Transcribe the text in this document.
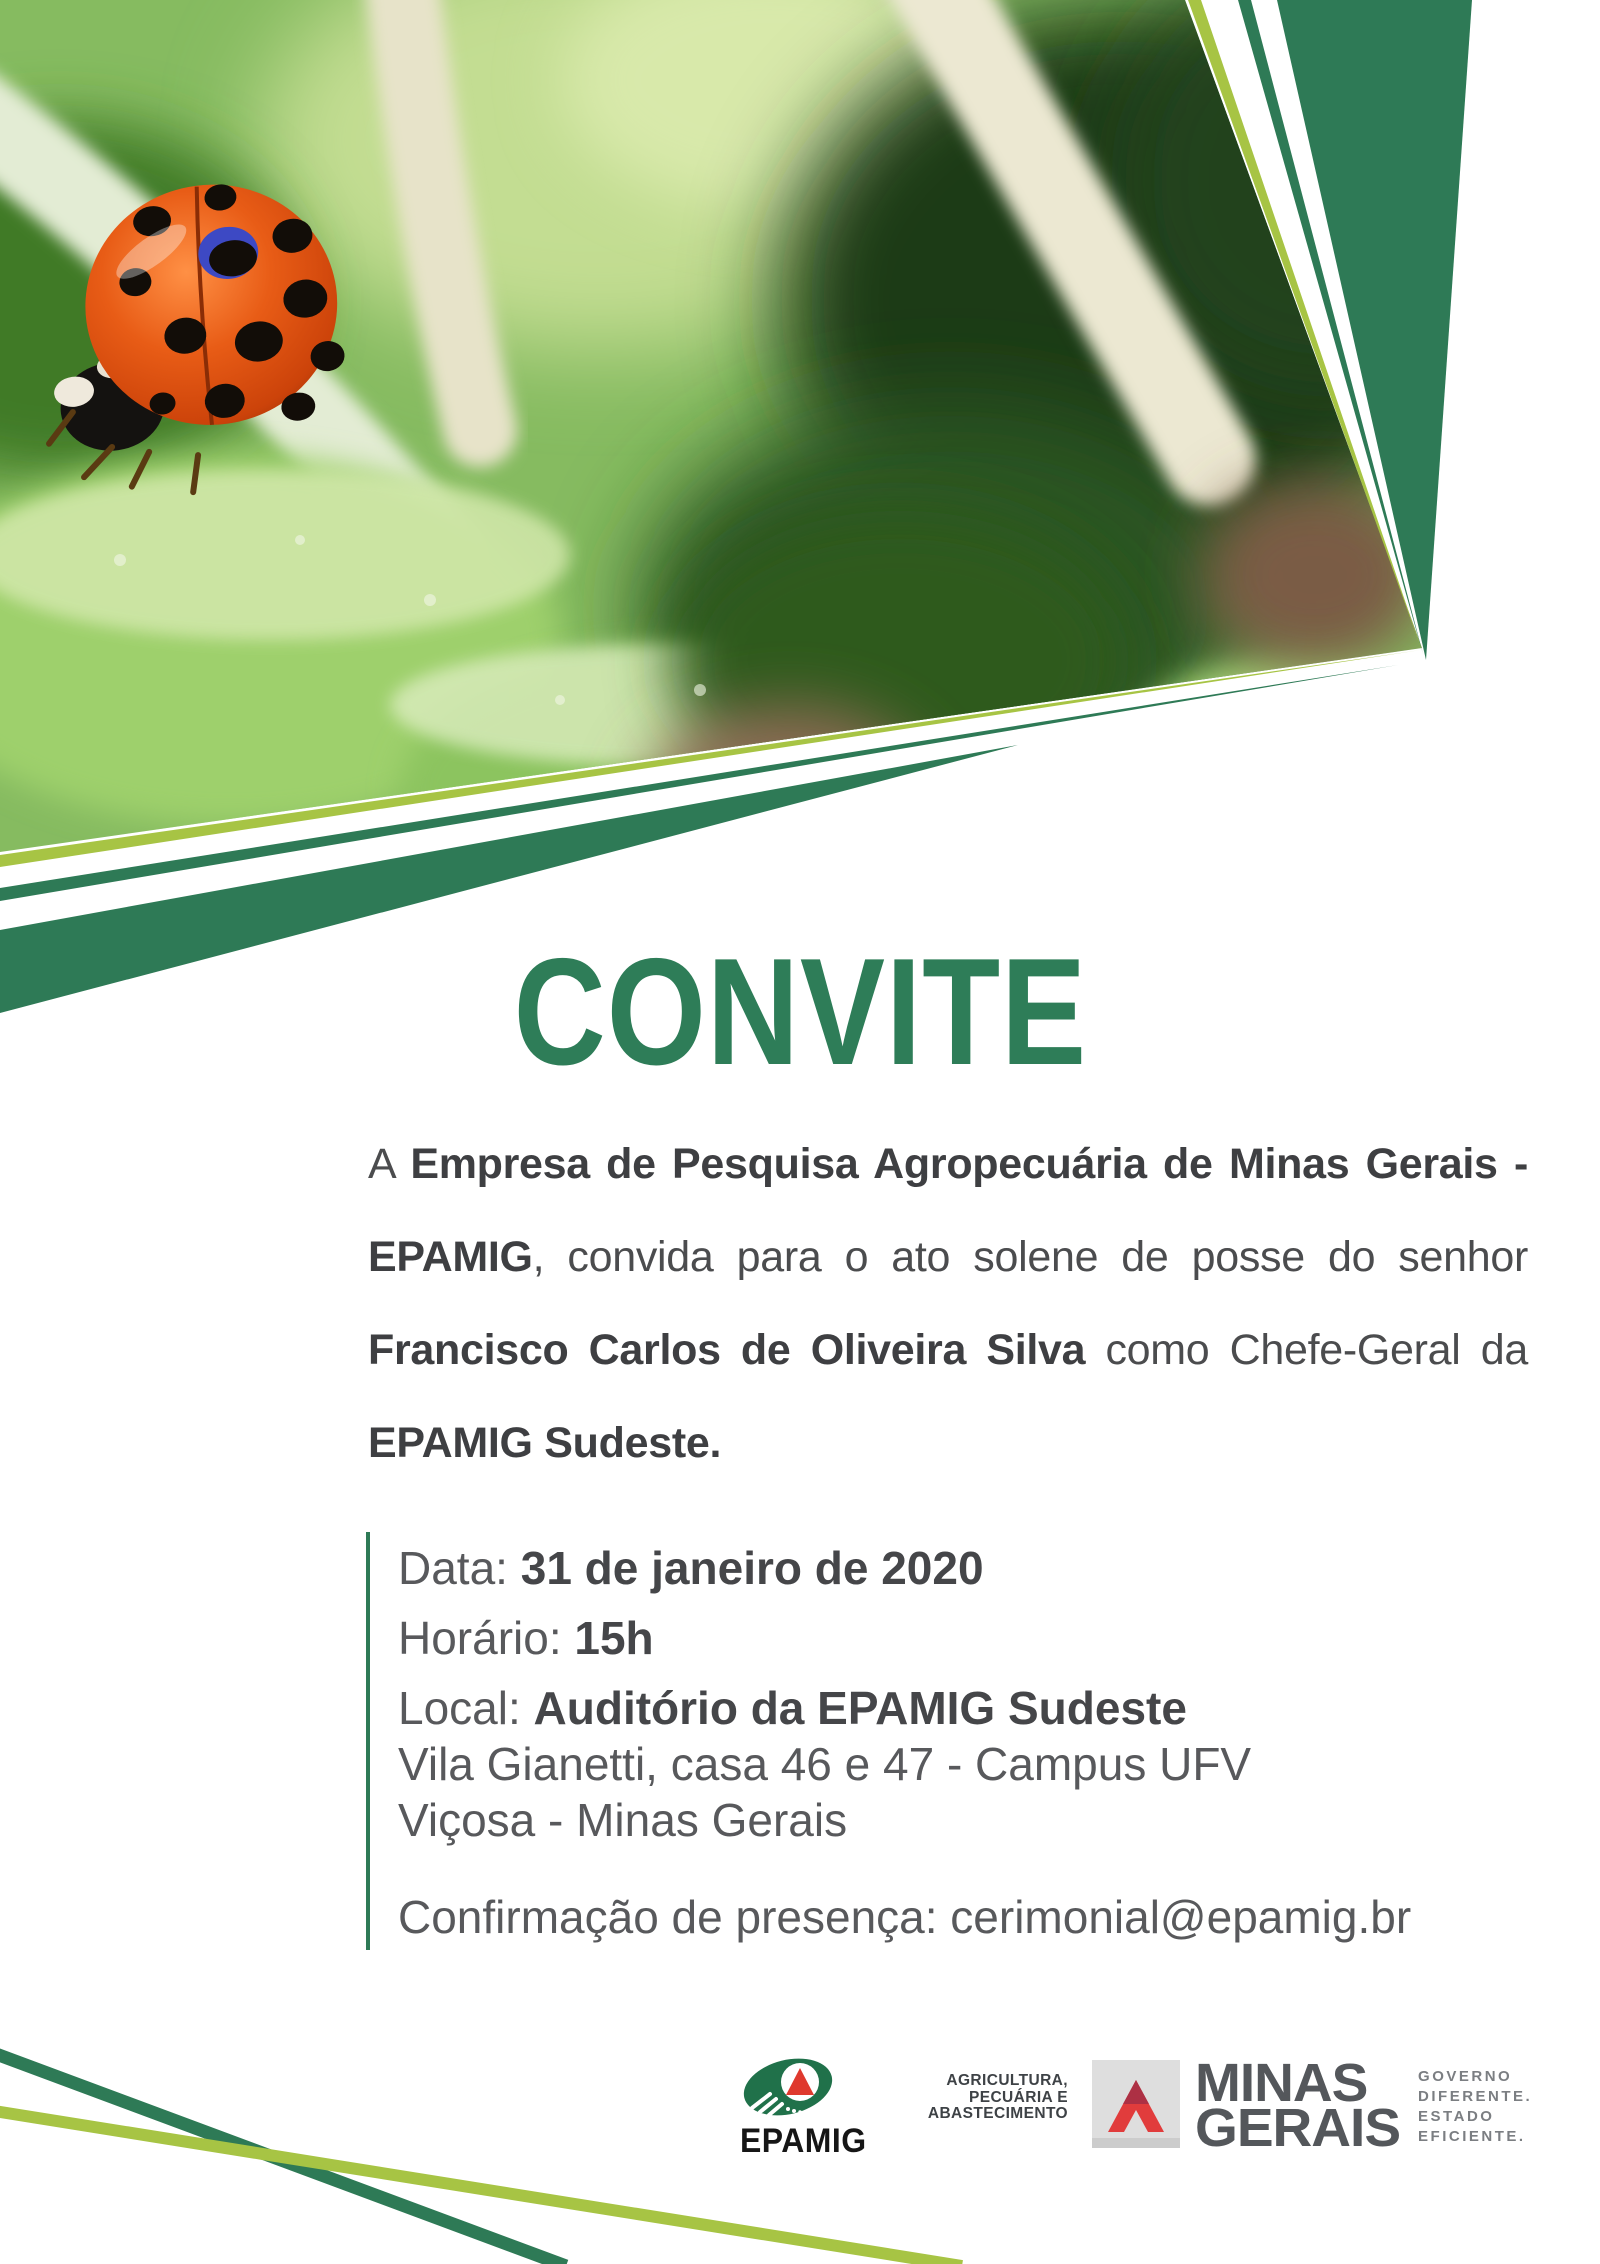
CONVITE
A Empresa de Pesquisa Agropecuária de Minas Gerais - EPAMIG, convida para o ato solene de posse do senhor Francisco Carlos de Oliveira Silva como Chefe-Geral da EPAMIG Sudeste.
Data: 31 de janeiro de 2020
Horário: 15h
Local: Auditório da EPAMIG Sudeste
Vila Gianetti, casa 46 e 47 - Campus UFV
Viçosa - Minas Gerais
Confirmação de presença: cerimonial@epamig.br
EPAMIG
AGRICULTURA,
PECUÁRIA E
ABASTECIMENTO
MINAS
GERAIS
GOVERNO
DIFERENTE.
ESTADO
EFICIENTE.
